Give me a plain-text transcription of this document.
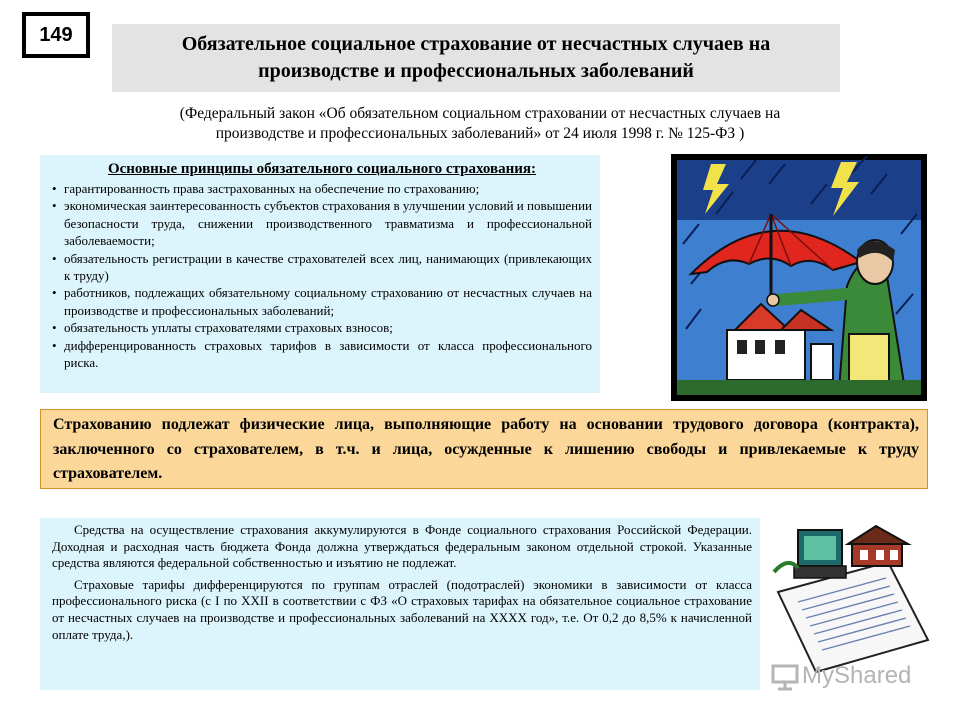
149	Обязательное социальное страхование от несчастных случаев на
производстве и профессиональных заболеваний
(Федеральный закон «Об обязательном социальном страховании от несчастных случаев на
производстве и профессиональных заболеваний» от 24 июля 1998 г. № 125-ФЗ )
Основные принципы обязательного социального страхования:
• гарантированность права застрахованных на обеспечение по страхованию;
• экономическая заинтересованность субъектов страхования в улучшении условий и повышении безопасности труда, снижении производственного травматизма и профессиональной заболеваемости;
• обязательность регистрации в качестве страхователей всех лиц, нанимающих (привлекающих к труду)
• работников, подлежащих обязательному социальному страхованию от несчастных случаев на производстве и профессиональных заболеваний;
• обязательность уплаты страхователями страховых взносов;
• дифференцированность страховых тарифов в зависимости от класса профессионального риска.
Страхованию подлежат физические лица, выполняющие работу на основании трудового договора (контракта), заключенного со страхователем, в т.ч. и лица, осужденные к лишению свободы и привлекаемые к труду страхователем.

Средства на осуществление страхования аккумулируются в Фонде социального страхования Российской Федерации. Доходная и расходная часть бюджета Фонда должна утверждаться федеральным законом отдельной строкой. Указанные средства являются федеральной собственностью и изъятию не подлежат.

Страховые тарифы дифференцируются по группам отраслей (подотраслей) экономики в зависимости от класса профессионального риска (с I по XXII в соответствии с ФЗ «О страховых тарифах на обязательное социальное страхование от несчастных случаев на производстве и профессиональных заболеваний на XXXX год», т.е. От 0,2 до 8,5% к начисленной оплате труда,).

MyShared
